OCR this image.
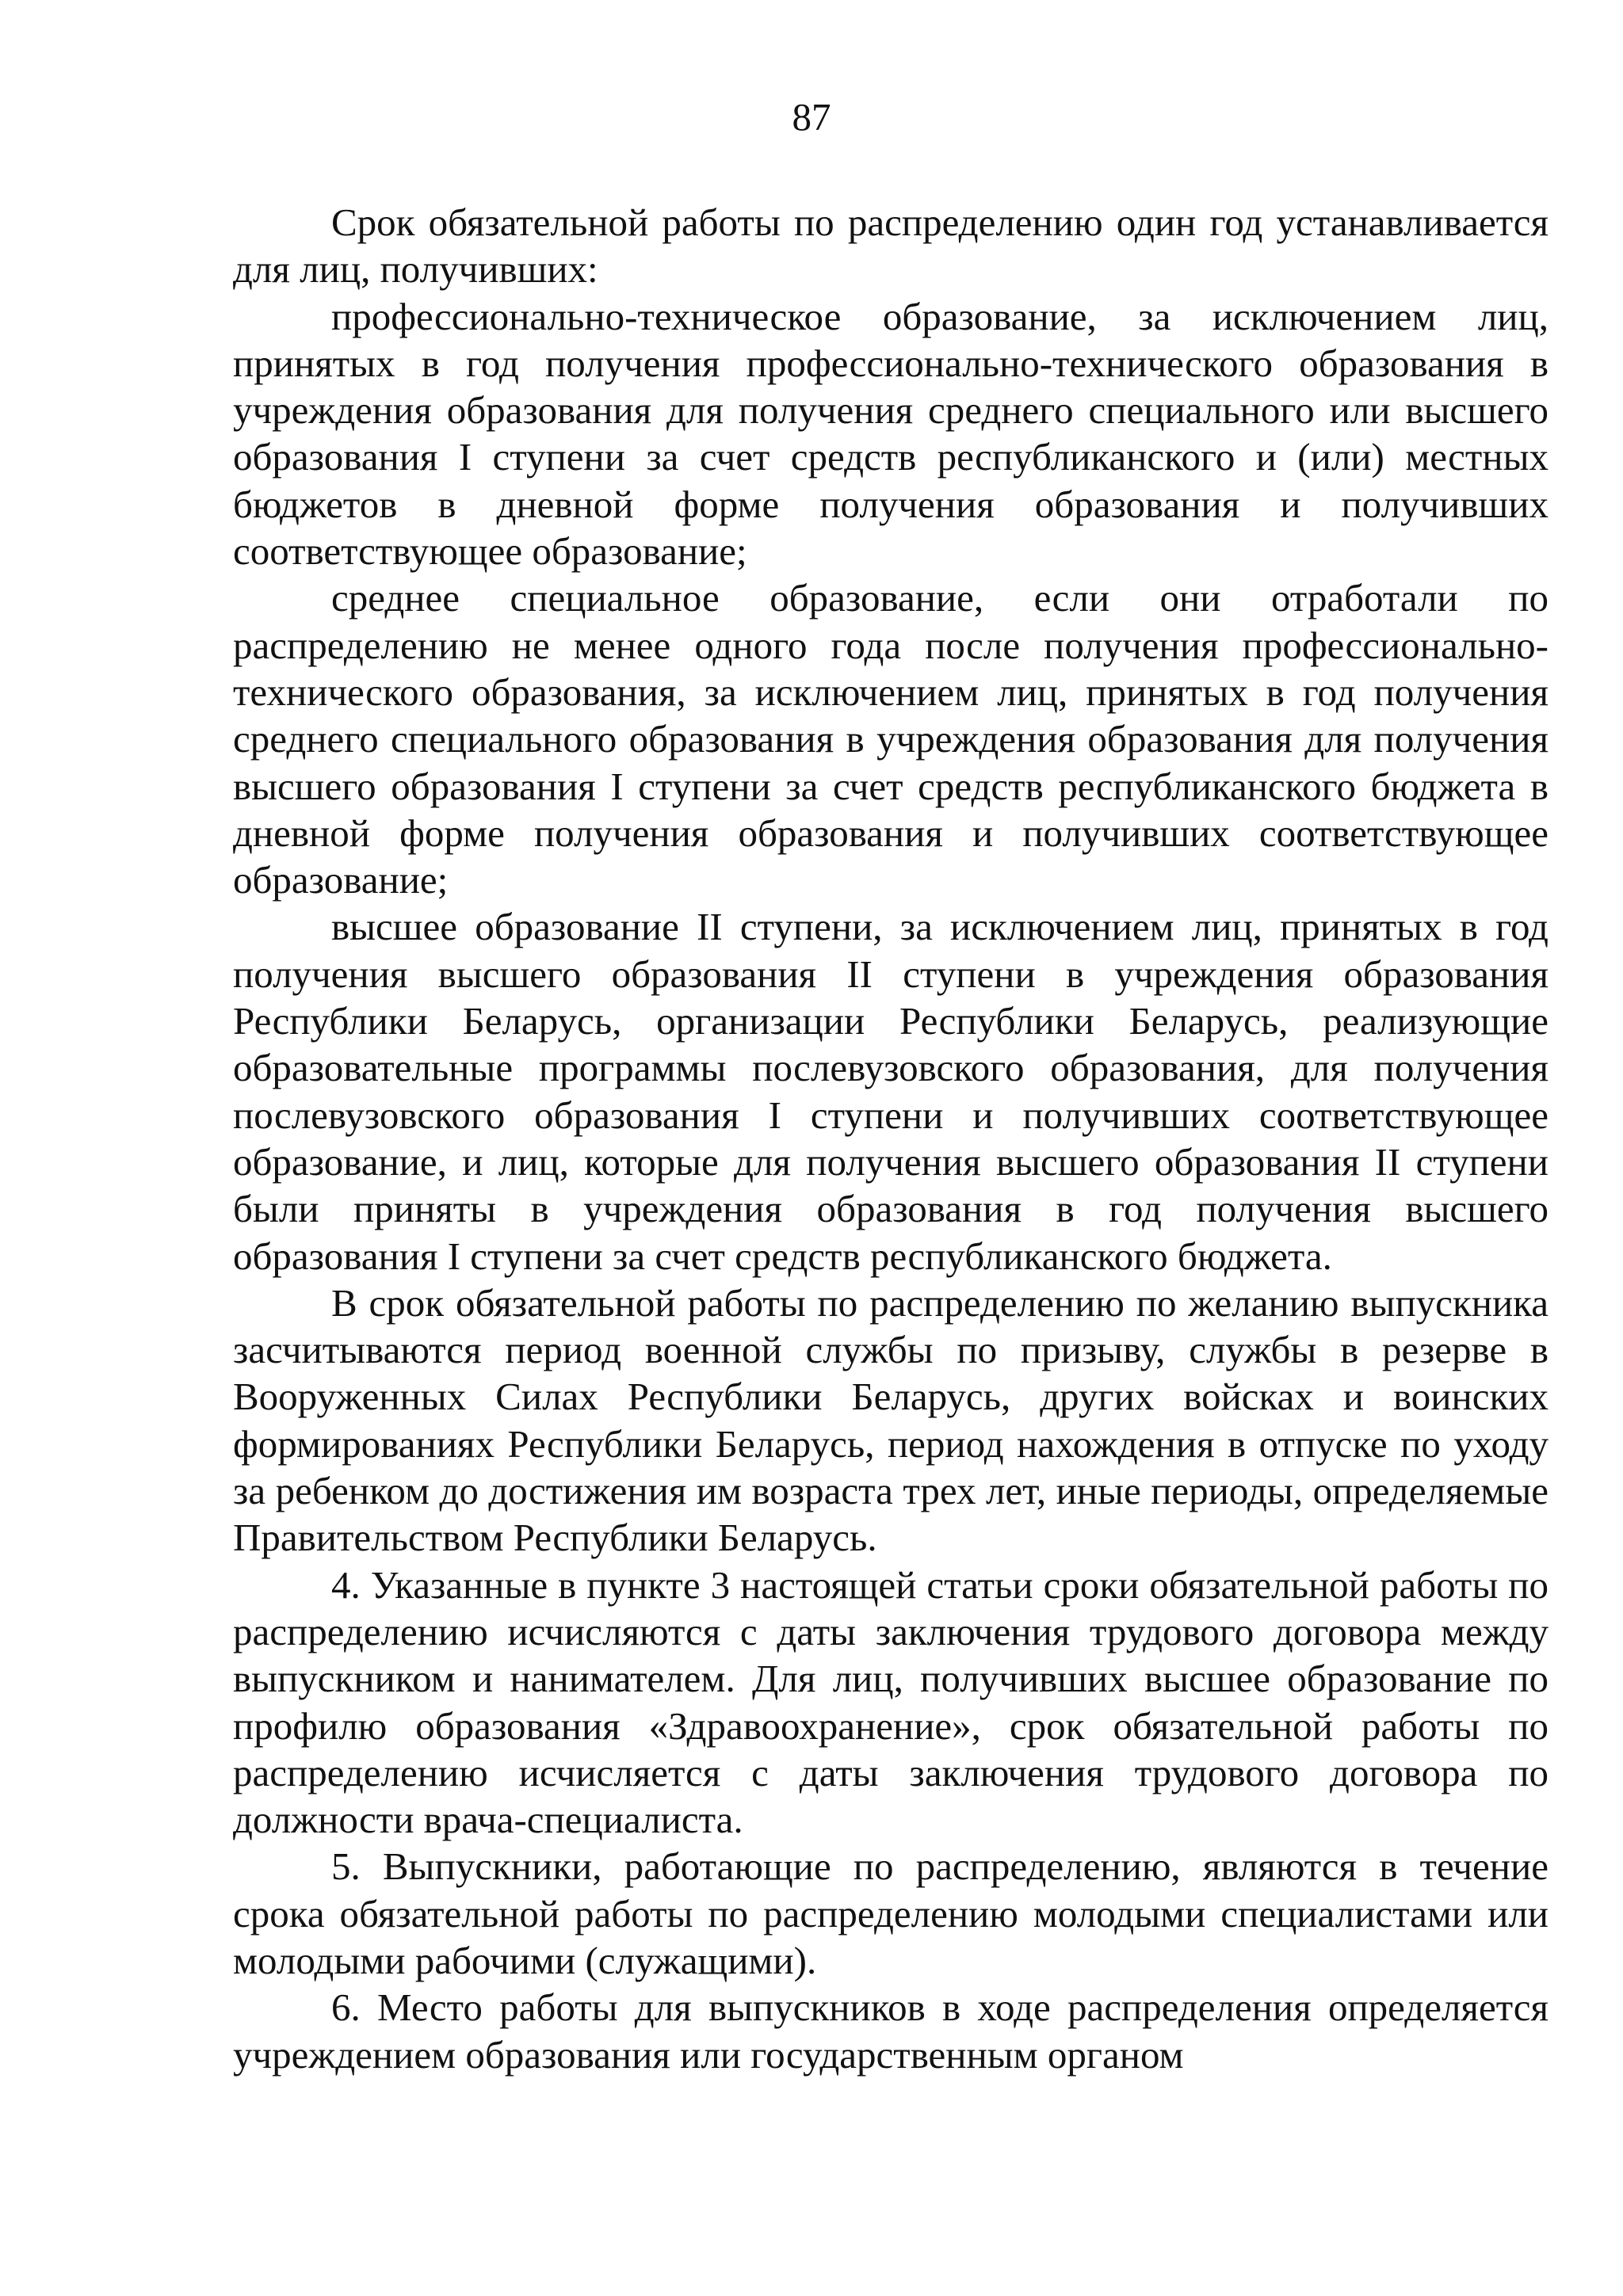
87

Срок обязательной работы по распределению один год устанавливается для лиц, получивших:

профессионально-техническое образование, за исключением лиц, принятых в год получения профессионально-технического образования в учреждения образования для получения среднего специального или высшего образования I ступени за счет средств республиканского и (или) местных бюджетов в дневной форме получения образования и получивших соответствующее образование;

среднее специальное образование, если они отработали по распределению не менее одного года после получения профессионально-технического образования, за исключением лиц, принятых в год получения среднего специального образования в учреждения образования для получения высшего образования I ступени за счет средств республиканского бюджета в дневной форме получения образования и получивших соответствующее образование;

высшее образование II ступени, за исключением лиц, принятых в год получения высшего образования II ступени в учреждения образования Республики Беларусь, организации Республики Беларусь, реализующие образовательные программы послевузовского образования, для получения послевузовского образования I ступени и получивших соответствующее образование, и лиц, которые для получения высшего образования II ступени были приняты в учреждения образования в год получения высшего образования I ступени за счет средств республиканского бюджета.

В срок обязательной работы по распределению по желанию выпускника засчитываются период военной службы по призыву, службы в резерве в Вооруженных Силах Республики Беларусь, других войсках и воинских формированиях Республики Беларусь, период нахождения в отпуске по уходу за ребенком до достижения им возраста трех лет, иные периоды, определяемые Правительством Республики Беларусь.

4. Указанные в пункте 3 настоящей статьи сроки обязательной работы по распределению исчисляются с даты заключения трудового договора между выпускником и нанимателем. Для лиц, получивших высшее образование по профилю образования «Здравоохранение», срок обязательной работы по распределению исчисляется с даты заключения трудового договора по должности врача-специалиста.

5. Выпускники, работающие по распределению, являются в течение срока обязательной работы по распределению молодыми специалистами или молодыми рабочими (служащими).

6. Место работы для выпускников в ходе распределения определяется учреждением образования или государственным органом
